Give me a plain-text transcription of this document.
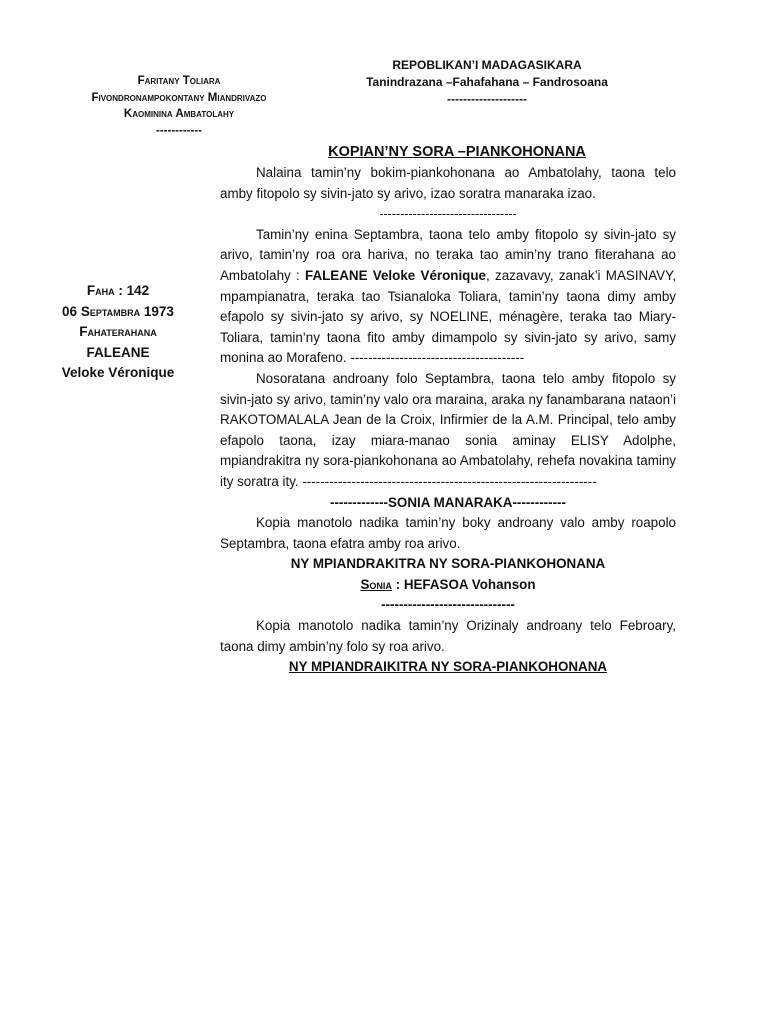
Faritany Toliara
Fivondronampokontany Miandrivazo
Kaominina Ambatolahy
------------
REPOBLIKAN’I MADAGASIKARA
Tanindrazana –Fahafahana – Fandrosoana
--------------------
Faha : 142
06 Septambra 1973
Fahaterahana
FALEANE
Veloke Véronique
KOPIAN’NY SORA –PIANKOHONANA

Nalaina tamin’ny bokim-piankohonana ao Ambatolahy, taona telo amby fitopolo sy sivin-jato sy arivo, izao soratra manaraka izao.

---------------------------------

Tamin’ny enina Septambra, taona telo amby fitopolo sy sivin-jato sy arivo, tamin’ny roa ora hariva, no teraka tao amin’ny trano fiterahana ao Ambatolahy : FALEANE Veloke Véronique, zazavavy, zanak’i MASINAVY, mpampianatra, teraka tao Tsianaloka Toliara, tamin’ny taona dimy amby efapolo sy sivin-jato sy arivo, sy NOELINE, ménagère, teraka tao Miary-Toliara, tamin’ny taona fito amby dimampolo sy sivin-jato sy arivo, samy monina ao Morafeno. ---------------------------------------

Nosoratana androany folo Septambra, taona telo amby fitopolo sy sivin-jato sy arivo, tamin’ny valo ora maraina, araka ny fanambarana nataon’i RAKOTOMALALA Jean de la Croix, Infirmier de la A.M. Principal, telo amby efapolo taona, izay miara-manao sonia aminay ELISY Adolphe, mpiandrakitra ny sora-piankohonana ao Ambatolahy, rehefa novakina taminy ity soratra ity. ------------------------------------------------------------------

-------------SONIA MANARAKA------------

Kopia manotolo nadika tamin’ny boky androany valo amby roapolo Septambra, taona efatra amby roa arivo.

NY MPIANDRAKITRA NY SORA-PIANKOHONANA

Sonia : HEFASOA Vohanson

------------------------------

Kopia manotolo nadika tamin’ny Orizinaly androany telo Febroary, taona dimy ambin’ny folo sy roa arivo.

NY MPIANDRAIKITRA NY SORA-PIANKOHONANA
